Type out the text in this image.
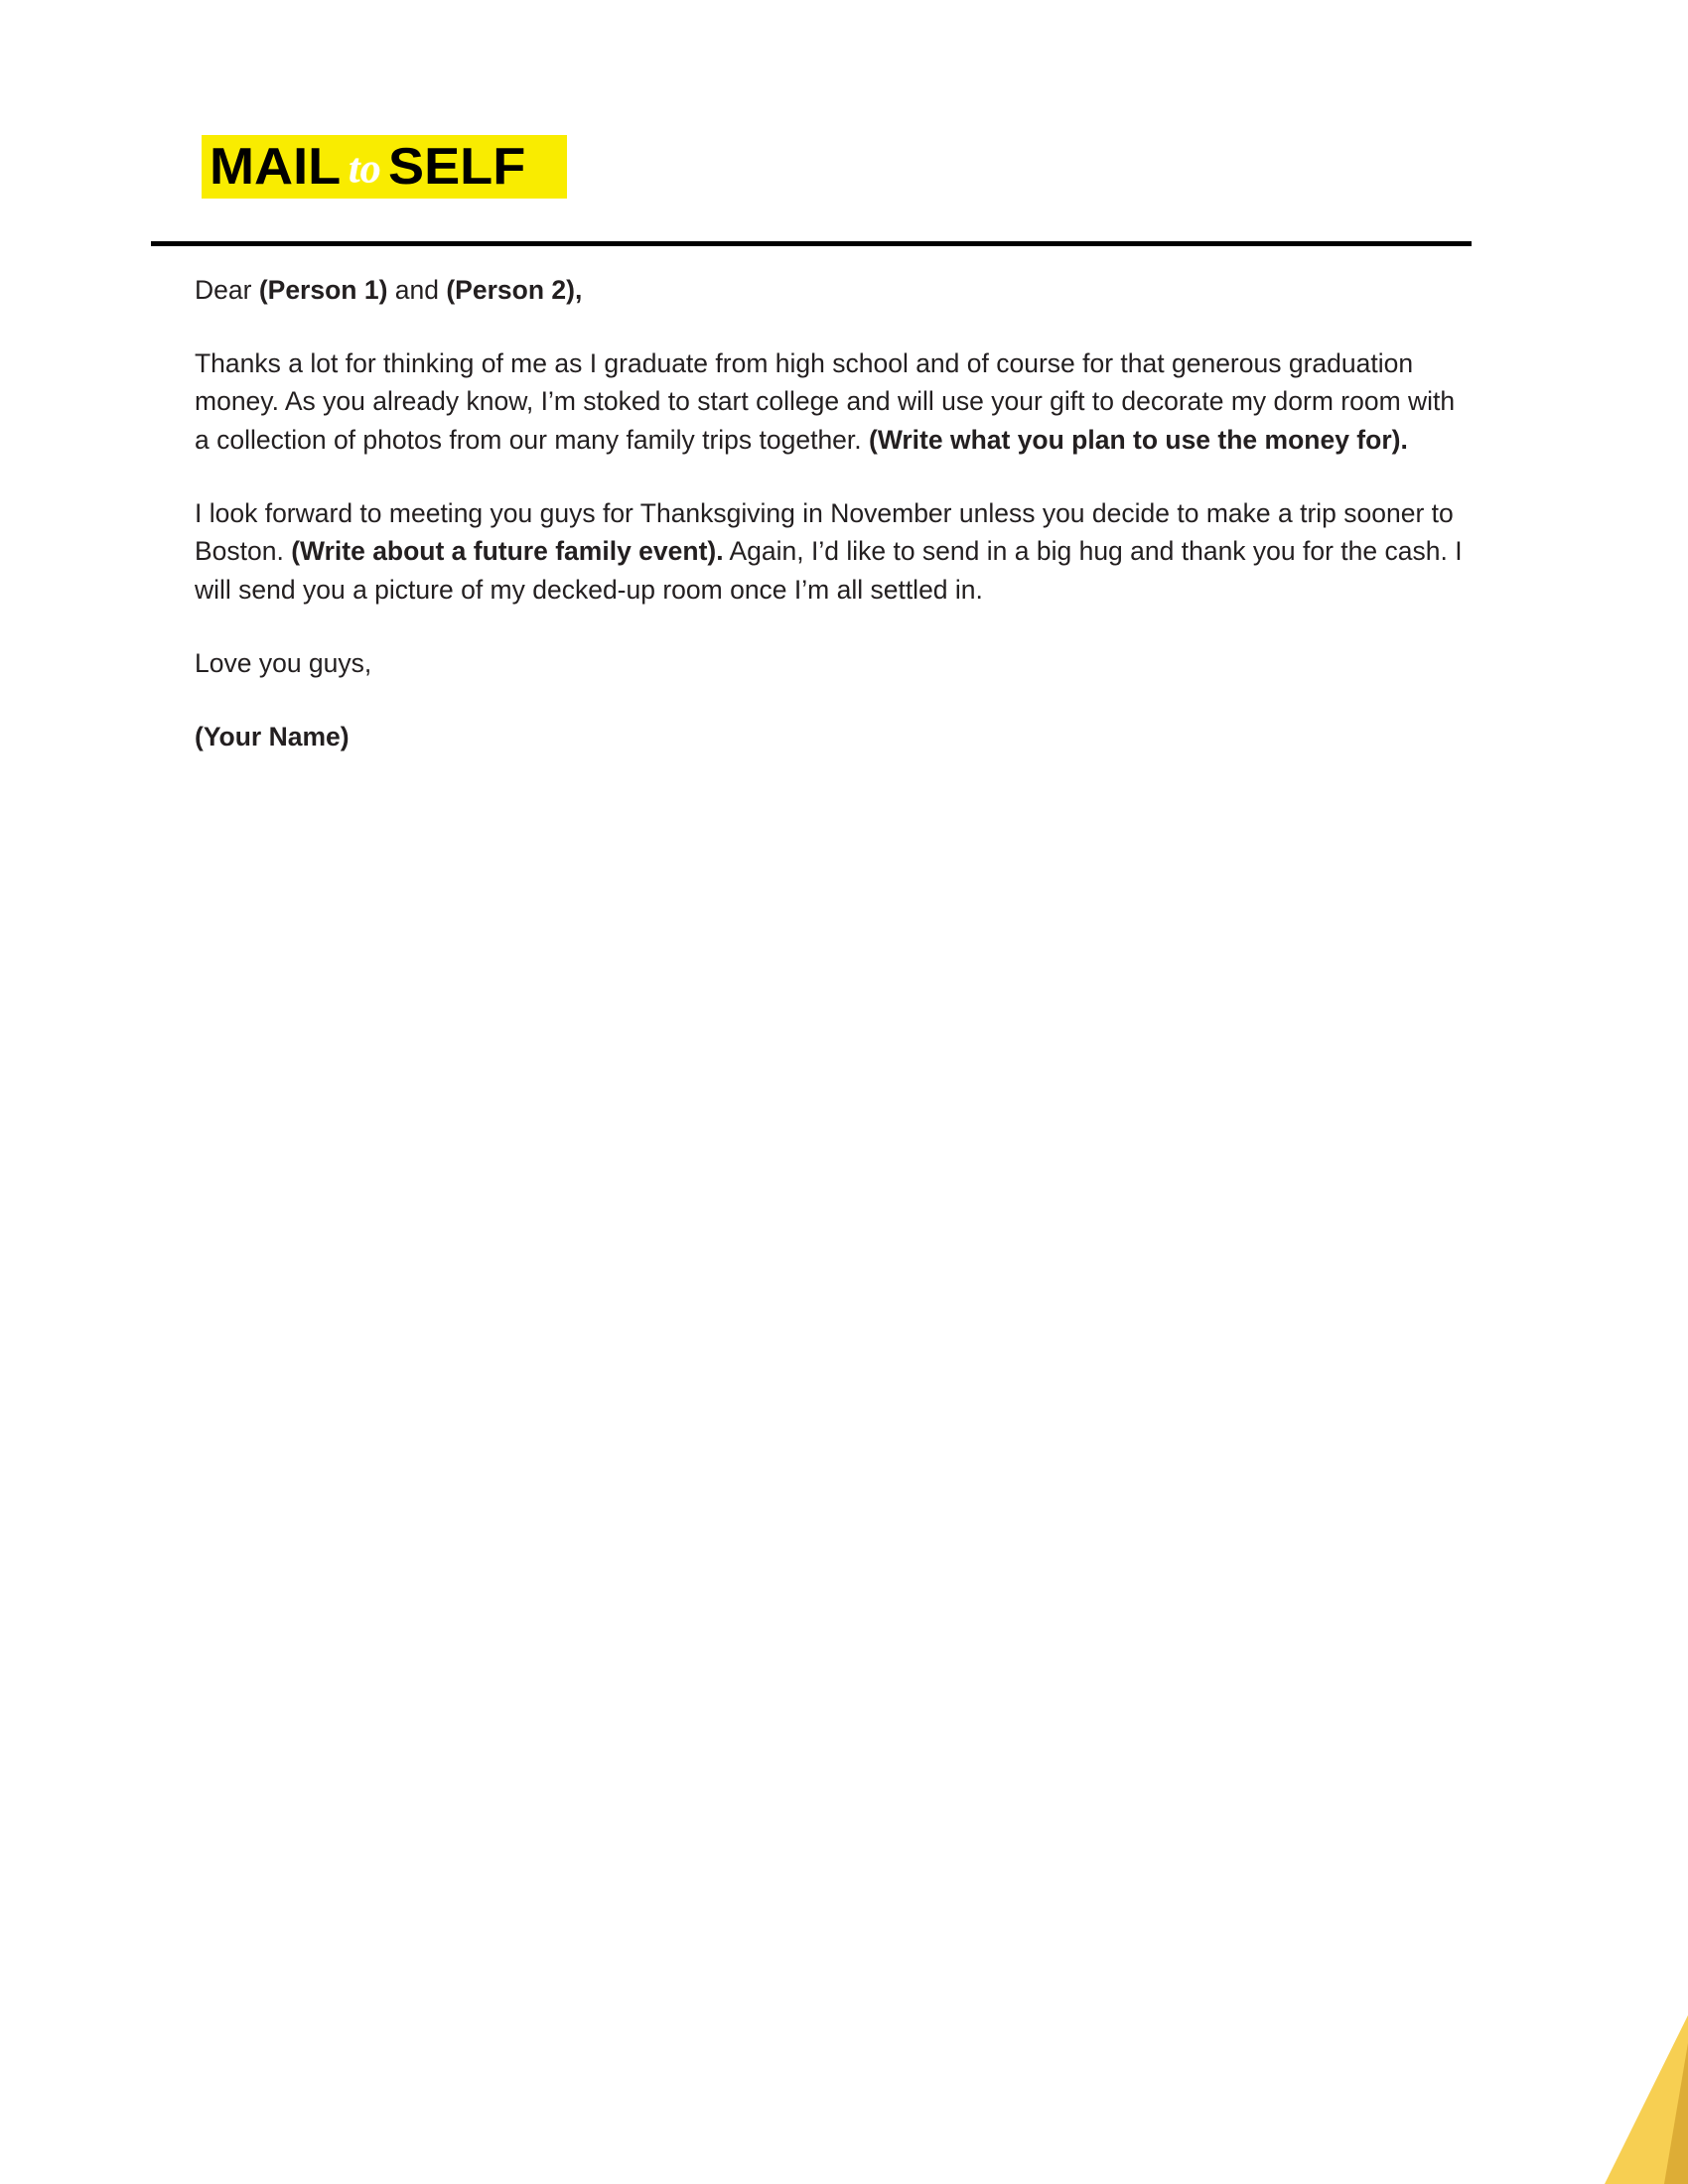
MAIL SELF
to

Dear (Person 1) and (Person 2),

Thanks a lot for thinking of me as I graduate from high school and of course for that generous graduation money. As you already know, I’m stoked to start college and will use your gift to decorate my dorm room with a collection of photos from our many family trips together. (Write what you plan to use the money for).

I look forward to meeting you guys for Thanksgiving in November unless you decide to make a trip sooner to Boston. (Write about a future family event). Again, I’d like to send in a big hug and thank you for the cash. I will send you a picture of my decked-up room once I’m all settled in.

Love you guys,

(Your Name)
